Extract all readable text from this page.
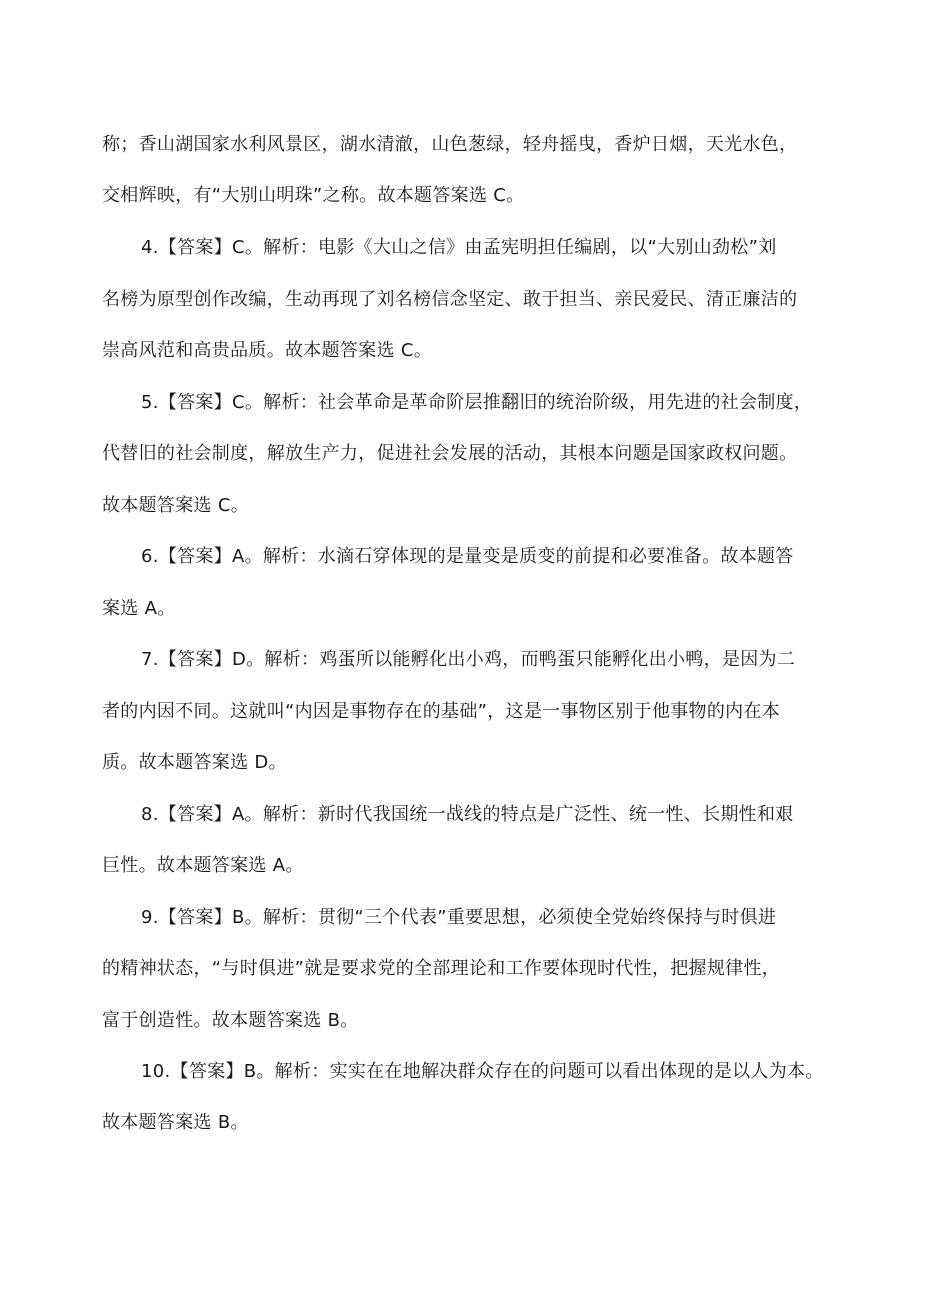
称；香山湖国家水利风景区，湖水清澈，山色葱绿，轻舟摇曳，香炉日烟，天光水色，
交相辉映，有“大别山明珠”之称。故本题答案选 C。
4.【答案】C。解析：电影《大山之信》由孟宪明担任编剧，以“大别山劲松”刘
名榜为原型创作改编，生动再现了刘名榜信念坚定、敢于担当、亲民爱民、清正廉洁的
崇高风范和高贵品质。故本题答案选 C。
5.【答案】C。解析：社会革命是革命阶层推翻旧的统治阶级，用先进的社会制度，
代替旧的社会制度，解放生产力，促进社会发展的活动，其根本问题是国家政权问题。
故本题答案选 C。
6.【答案】A。解析：水滴石穿体现的是量变是质变的前提和必要准备。故本题答
案选 A。
7.【答案】D。解析：鸡蛋所以能孵化出小鸡，而鸭蛋只能孵化出小鸭，是因为二
者的内因不同。这就叫“内因是事物存在的基础”，这是一事物区别于他事物的内在本
质。故本题答案选 D。
8.【答案】A。解析：新时代我国统一战线的特点是广泛性、统一性、长期性和艰
巨性。故本题答案选 A。
9.【答案】B。解析：贯彻“三个代表”重要思想，必须使全党始终保持与时俱进
的精神状态，“与时俱进”就是要求党的全部理论和工作要体现时代性，把握规律性，
富于创造性。故本题答案选 B。
10.【答案】B。解析：实实在在地解决群众存在的问题可以看出体现的是以人为本。
故本题答案选 B。
